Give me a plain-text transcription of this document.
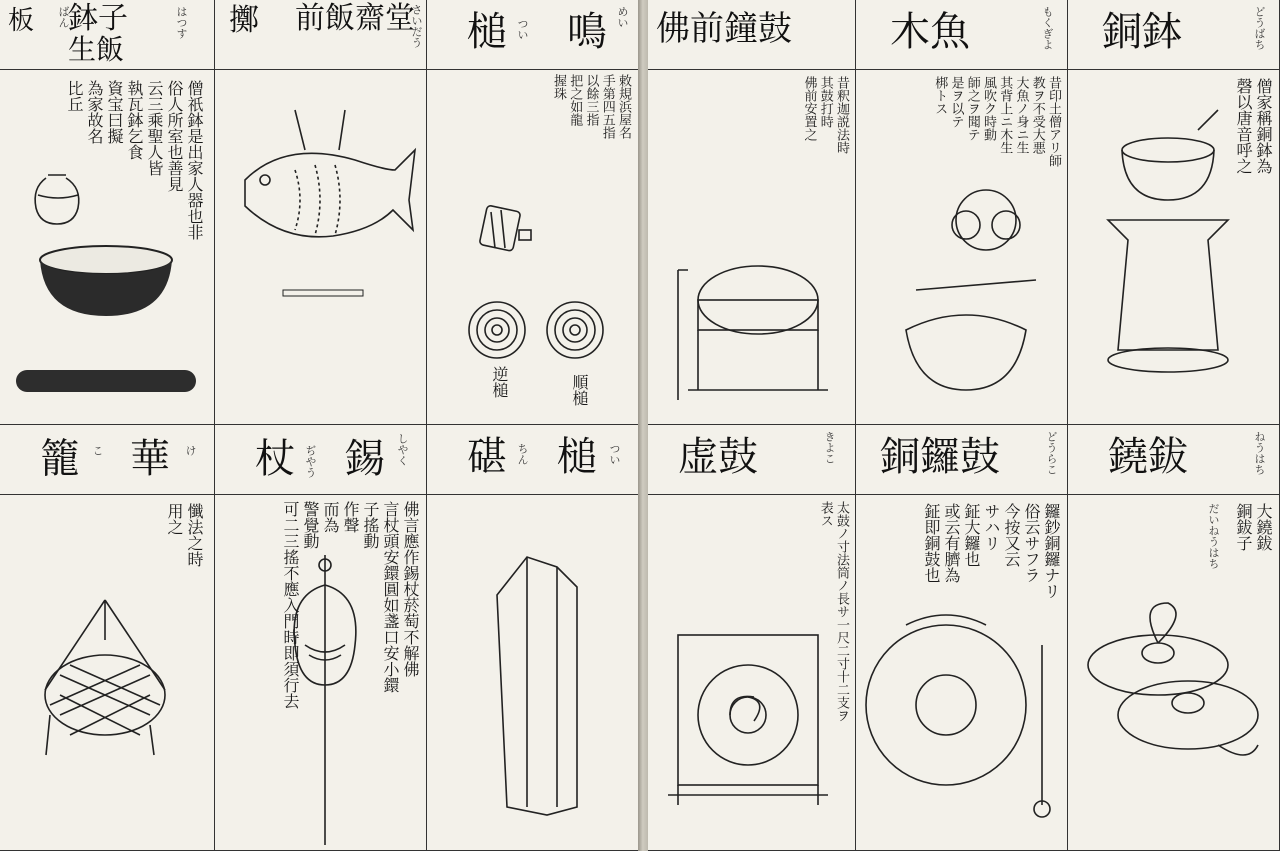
板 ばん
鉢子
生飯
はつす
僧祇鉢是出家人器也非
俗人所室也善見
云三乘聖人皆
執瓦鉢乞食
資宝曰擬
為家故名
比丘
擲 前飯 齋堂
さいだう 槌 つい 鳴 めい
敕規浜屋名
手第四五指
以餘三指
把之如龍
握珠
逆槌	順槌
籠 こ 華 け
懺法之時
用之
杖 ぢやう 錫 しやく
佛言應作錫杖菸萄不解佛
言杖頭安鐶圓如盞口安小鐶
子搖動
作聲
而為
警覺動
可二三搖不應入門時即須行去
碪 ちん 槌 つい
佛前鐘鼓
昔釈迦説法時
其鼓打時
佛前安置之
木魚	もくぎよ
昔印土僧アリ師
教ヲ不受大悪
大魚ノ身ニ生
其背上ニ木生
風吹ク時動
師之ヲ聞テ
是ヲ以テ
梆トス
銅鉢	どうばち
僧家稱銅鉢為
磬以唐音呼之
虚鼓	きよこ
太鼓ノ寸法筒ノ長サ一尺二寸十二支ヲ
表ス
銅鑼鼓	どうらこ
鑼鈔銅鑼ナリ
俗云サフラ
今按又云
サハリ
鉦大鑼也
或云有臍為
鉦即銅鼓也
鐃鈸	ねうはち
大鐃鈸
銅鈸子
だいねうはち
